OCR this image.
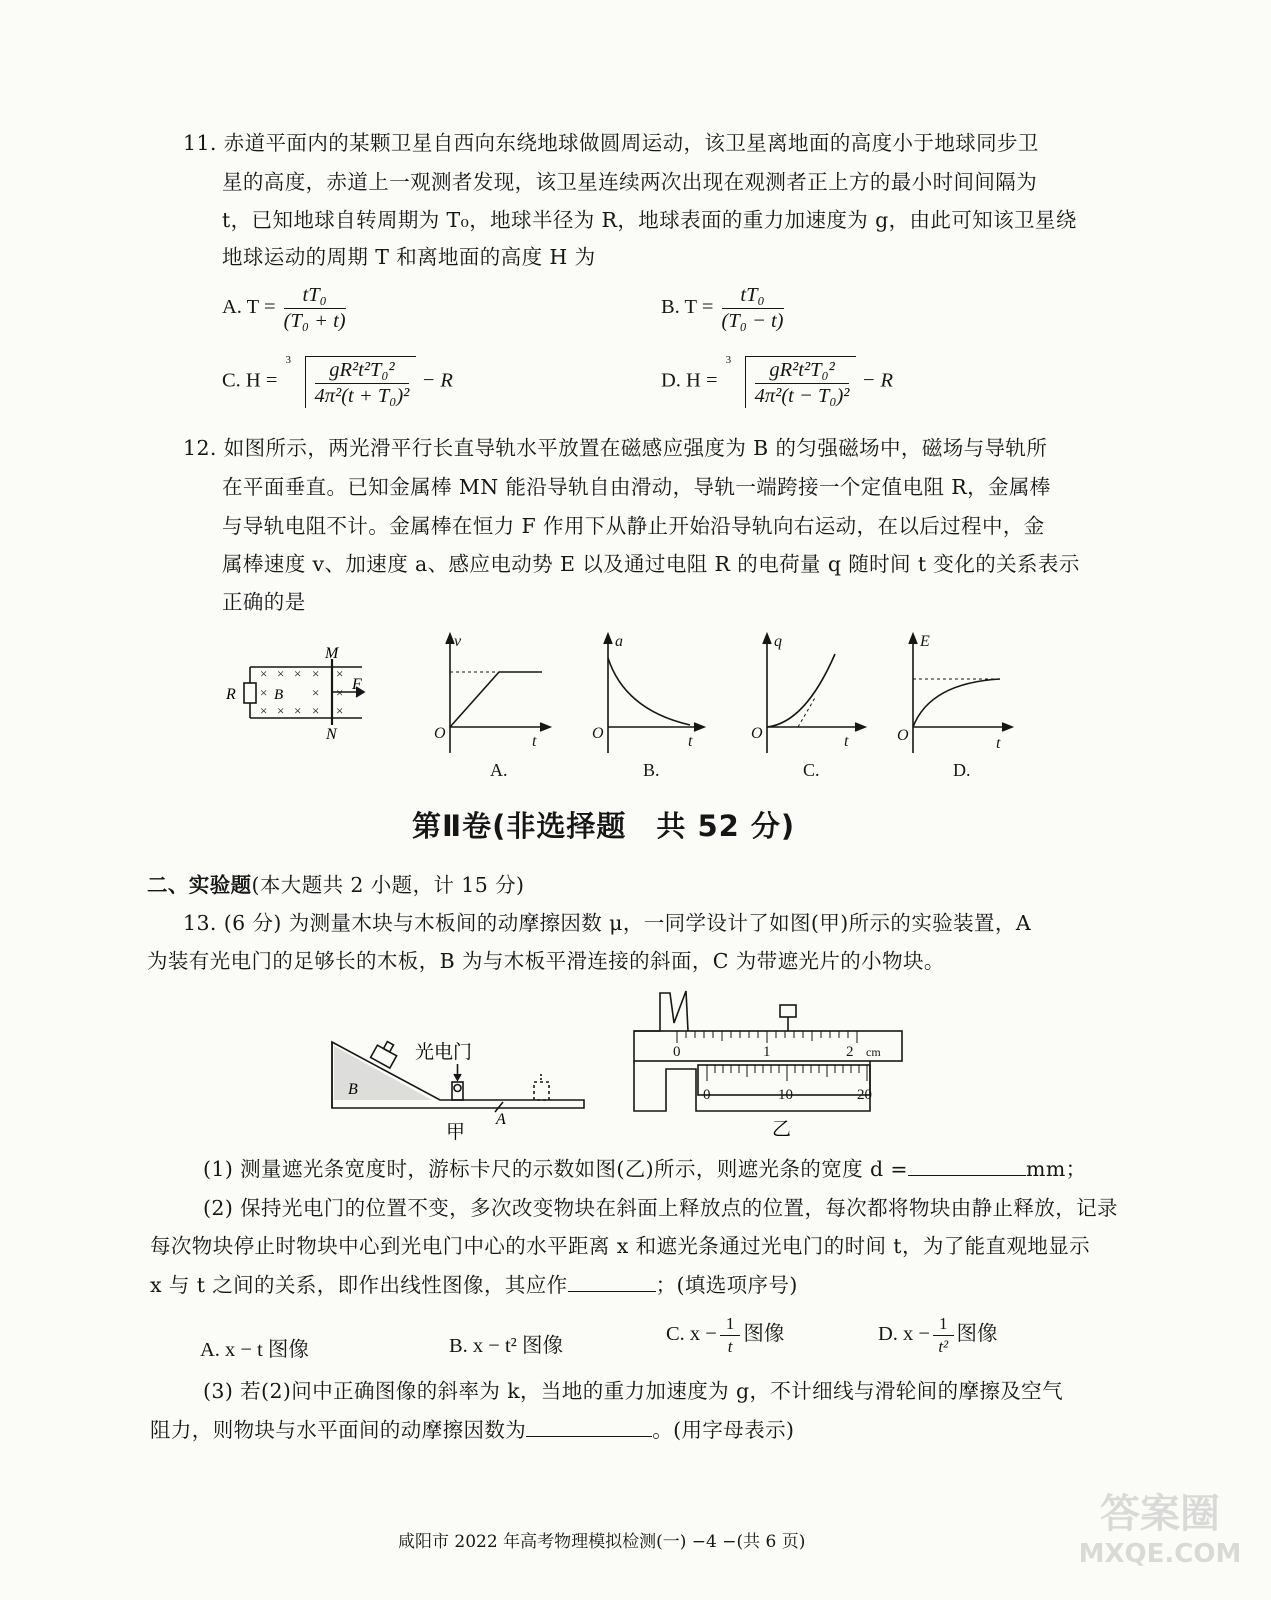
11. 赤道平面内的某颗卫星自西向东绕地球做圆周运动，该卫星离地面的高度小于地球同步卫
星的高度，赤道上一观测者发现，该卫星连续两次出现在观测者正上方的最小时间间隔为
t，已知地球自转周期为 T₀，地球半径为 R，地球表面的重力加速度为 g，由此可知该卫星绕
地球运动的周期 T 和离地面的高度 H 为
A. $T = \frac{\text{tT₀}}{\text{(T₀ + t)}}$	B. $T = \frac{\text{tT₀}}{\text{(T₀ − t)}}$
C. H =
$3 \frac{\text{gR²t²T₀²}}{\text{4π²(t + T₀)²}} - R$	D. H =
$3 \frac{\text{gR²t²T₀²}}{\text{4π²(t − T₀)²}} - R$
12. 如图所示，两光滑平行长直导轨水平放置在磁感应强度为 B 的匀强磁场中，磁场与导轨所
在平面垂直。已知金属棒 MN 能沿导轨自由滑动，导轨一端跨接一个定值电阻 R，金属棒
与导轨电阻不计。金属棒在恒力 F 作用下从静止开始沿导轨向右运动，在以后过程中，金
属棒速度 v、加速度 a、感应电动势 E 以及通过电阻 R 的电荷量 q 随时间 t 变化的关系表示
正确的是
× × × × ×
×	× ×
× × × × ×
R	B
M
N
F
v
t
O
a
t
O
q
t
O
E
t
O
A.	B.	C.	D.
第Ⅱ卷(非选择题　共 52 分)
二、实验题(本大题共 2 小题，计 15 分)
13. (6 分) 为测量木块与木板间的动摩擦因数 μ，一同学设计了如图(甲)所示的实验装置，A
为装有光电门的足够长的木板，B 为与木板平滑连接的斜面，C 为带遮光片的小物块。
光电门
B
A
甲
0	1	2 cm
0	10	20
乙
(1) 测量遮光条宽度时，游标卡尺的示数如图(乙)所示，则遮光条的宽度 d =	mm；
(2) 保持光电门的位置不变，多次改变物块在斜面上释放点的位置，每次都将物块由静止释放，记录
每次物块停止时物块中心到光电门中心的水平距离 x 和遮光条通过光电门的时间 t，为了能直观地显示
x 与 t 之间的关系，即作出线性图像，其应作	；(填选项序号)
A. x − t 图像	B. x − t² 图像
C. $x - \frac{1}{t}$ 图像	D. $x - \frac{1}{\text{t²}}$ 图像
(3) 若(2)问中正确图像的斜率为 k，当地的重力加速度为 g，不计细线与滑轮间的摩擦及空气
阻力，则物块与水平面间的动摩擦因数为	。(用字母表示)
咸阳市 2022 年高考物理模拟检测(一) −4 −(共 6 页)
答案圈
MXQE.COM
